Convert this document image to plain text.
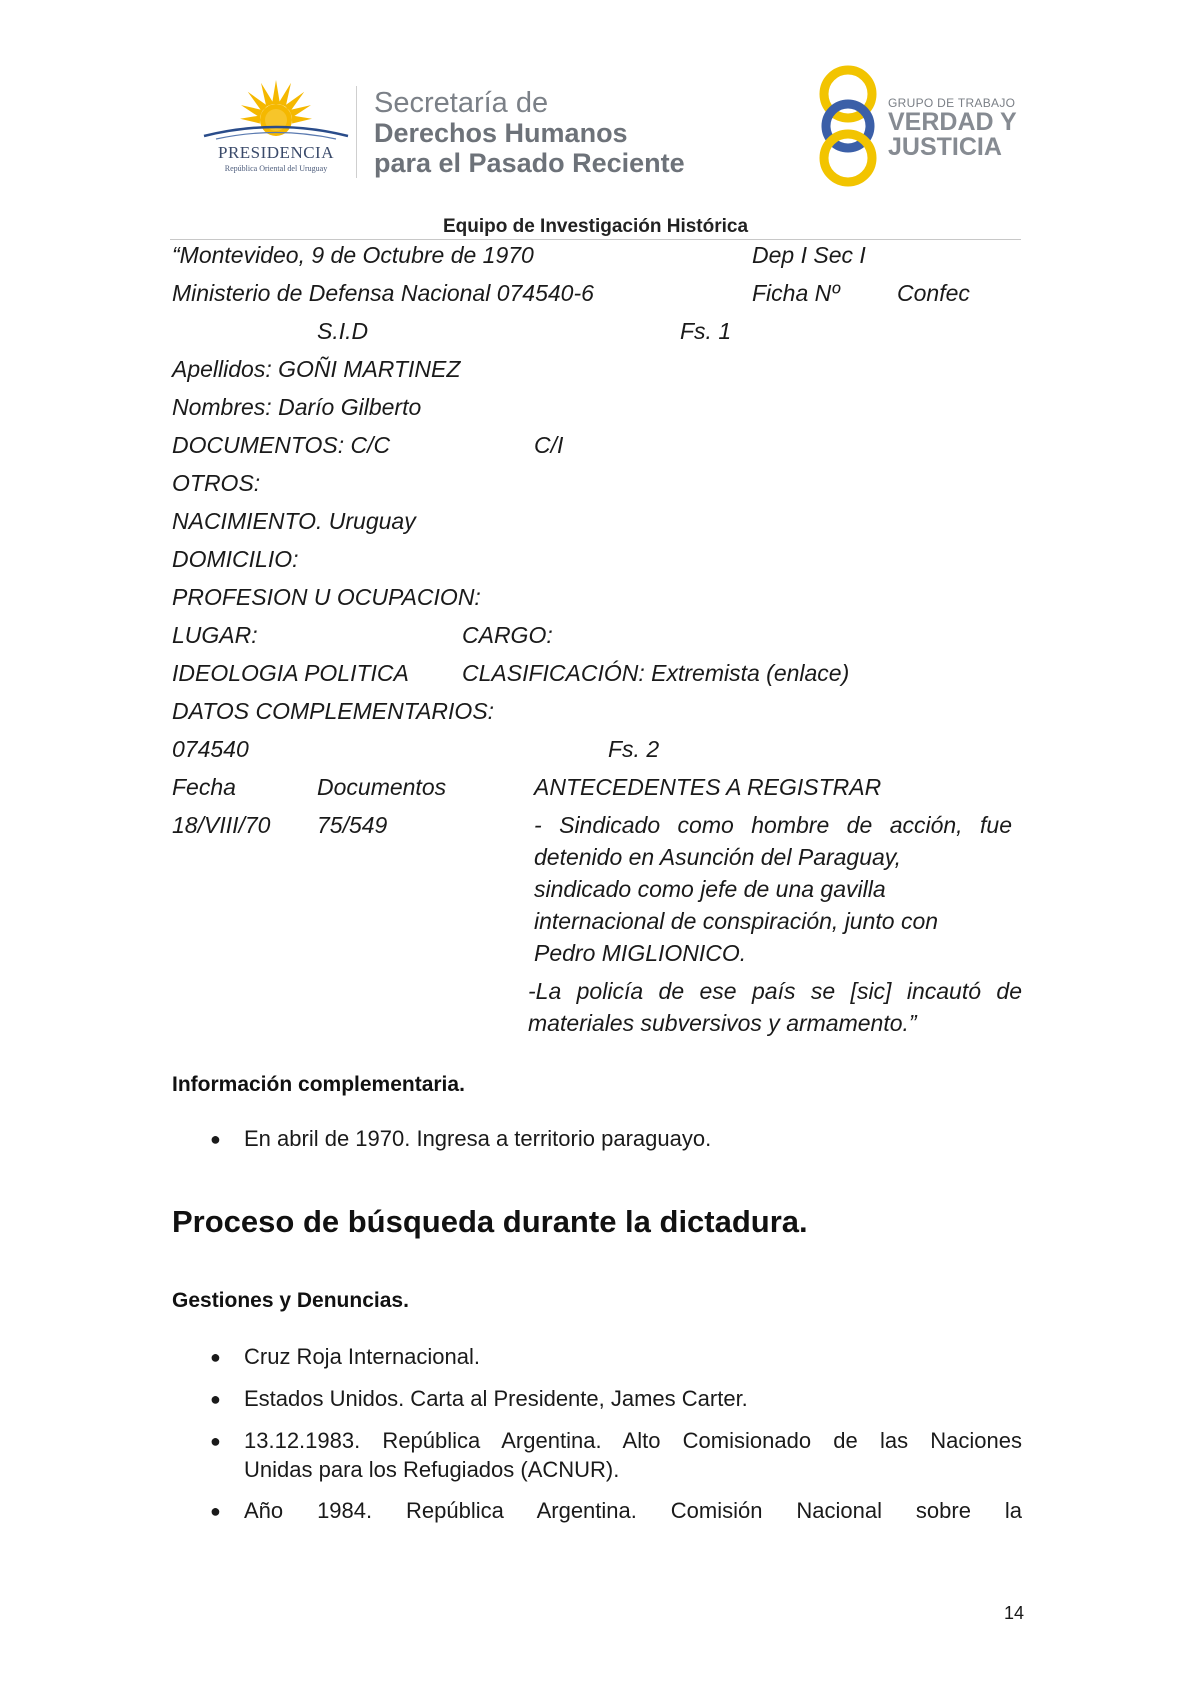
PRESIDENCIA
República Oriental del Uruguay
Secretaría de
Derechos Humanos
para el Pasado Reciente
GRUPO DE TRABAJO
VERDAD Y
JUSTICIA
Equipo de Investigación Histórica
“Montevideo, 9 de Octubre de 1970	Dep I Sec I
Ministerio de Defensa Nacional 074540-6	Ficha Nº Confec
S.I.D	Fs. 1
Apellidos: GOÑI MARTINEZ
Nombres: Darío Gilberto
DOCUMENTOS: C/C	C/I
OTROS:
NACIMIENTO. Uruguay
DOMICILIO:
PROFESION U OCUPACION:
LUGAR:	CARGO:
IDEOLOGIA POLITICA CLASIFICACIÓN: Extremista (enlace)
DATOS COMPLEMENTARIOS:
074540	Fs. 2
Fecha	Documentos	ANTECEDENTES A REGISTRAR
18/VIII/70 75/549	- Sindicado como hombre de acción, fue
detenido en Asunción del Paraguay,
sindicado como jefe de una gavilla
internacional de conspiración, junto con
Pedro MIGLIONICO.
-La policía de ese país se [sic] incautó de
materiales subversivos y armamento.”
Información complementaria.
● En abril de 1970. Ingresa a territorio paraguayo.
Proceso de búsqueda durante la dictadura.
Gestiones y Denuncias.
● Cruz Roja Internacional.
● Estados Unidos. Carta al Presidente, James Carter.
● 13.12.1983. República Argentina. Alto Comisionado de las Naciones
Unidas para los Refugiados (ACNUR).
● Año 1984. República Argentina. Comisión Nacional sobre la
14
